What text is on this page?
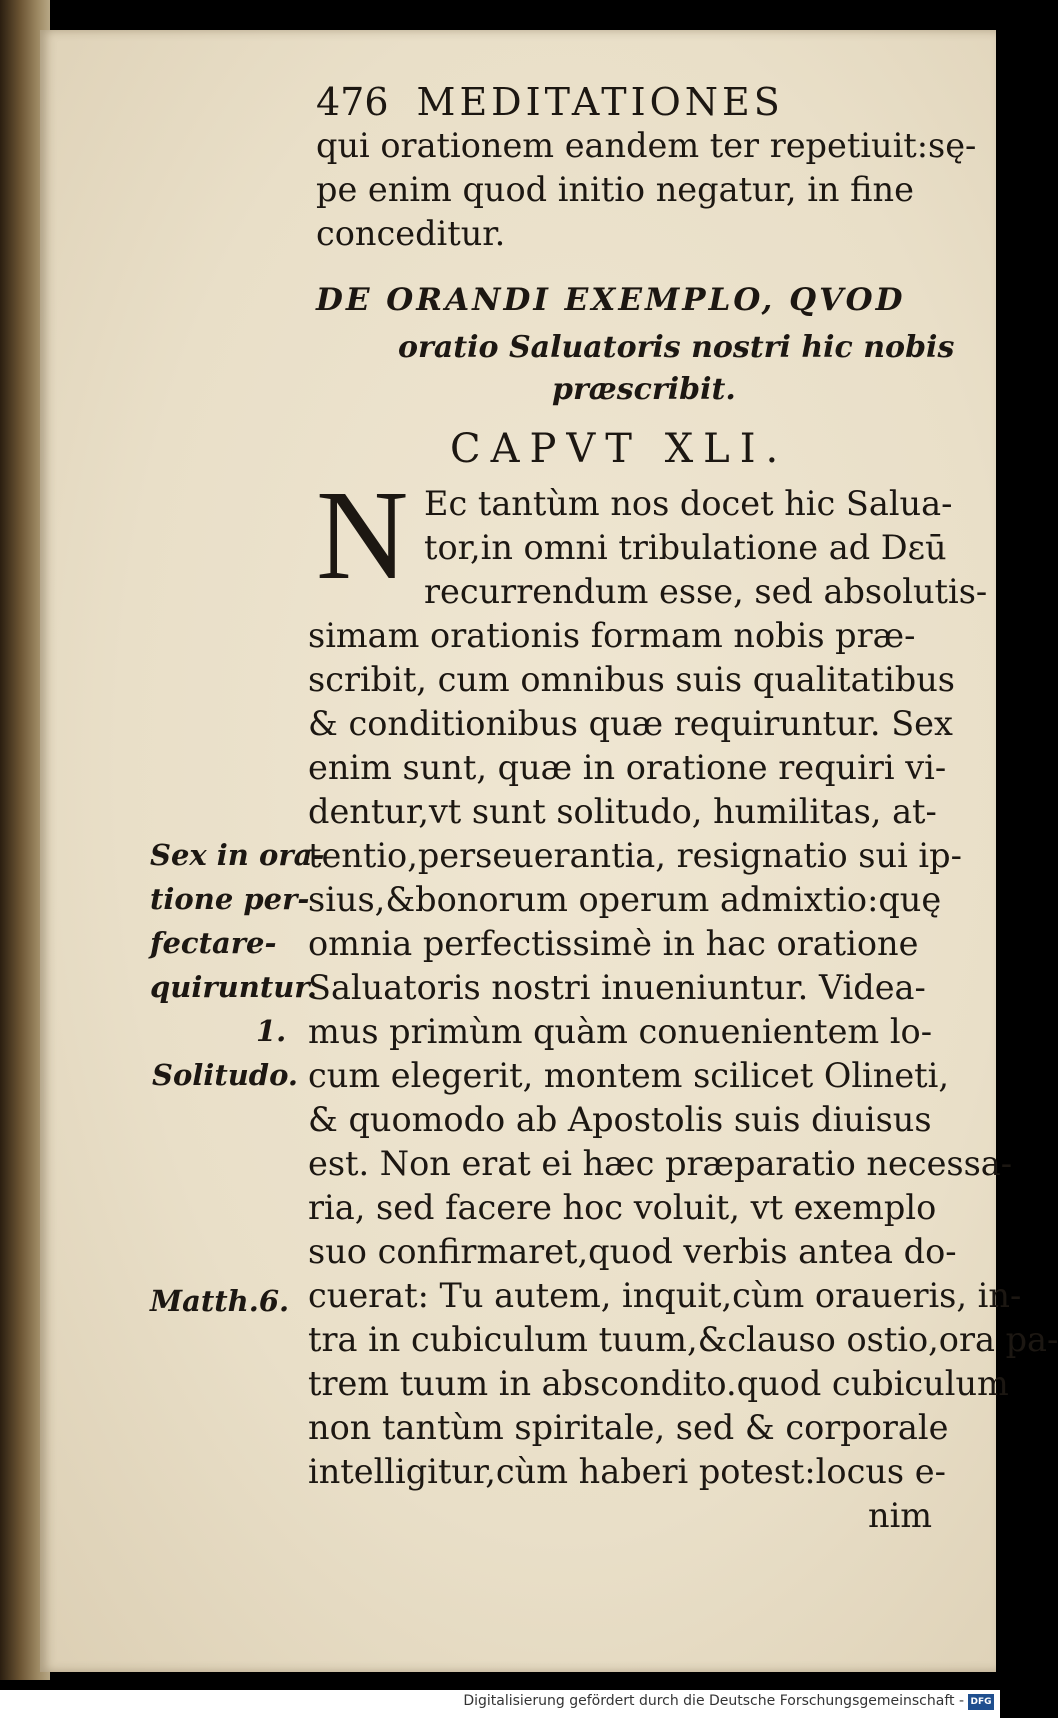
476 MEDITATIONES
qui orationem eandem ter repetiuit:sę-
pe enim quod initio negatur, in fine
conceditur.
DE ORANDI EXEMPLO, QVOD
oratio Saluatoris nostri hic nobis
præscribit.
CAPVT XLI.
N Ec tantùm nos docet hic Salua-
tor,in omni tribulatione ad Dεū
recurrendum esse, sed absolutis-
simam orationis formam nobis præ-
scribit, cum omnibus suis qualitatibus
& conditionibus quæ requiruntur. Sex
enim sunt, quæ in oratione requiri vi-
dentur,vt sunt solitudo, humilitas, at-
tentio,perseuerantia, resignatio sui ip-
sius,&bonorum operum admixtio:quę
omnia perfectissimè in hac oratione
Saluatoris nostri inueniuntur. Videa-
mus primùm quàm conuenientem lo-
cum elegerit, montem scilicet Olineti,
& quomodo ab Apostolis suis diuisus
est. Non erat ei hæc præparatio necessa-
ria, sed facere hoc voluit, vt exemplo
suo confirmaret,quod verbis antea do-
cuerat: Tu autem, inquit,cùm oraueris, in-
tra in cubiculum tuum,&clauso ostio,ora pa-
trem tuum in abscondito.quod cubiculum
non tantùm spiritale, sed & corporale
intelligitur,cùm haberi potest:locus e-
nim
Sex in ora-
tione per-
fectare-
quiruntur.
1.
Solitudo.
Matth.6.
Digitalisierung gefördert durch die Deutsche Forschungsgemeinschaft - DFG
